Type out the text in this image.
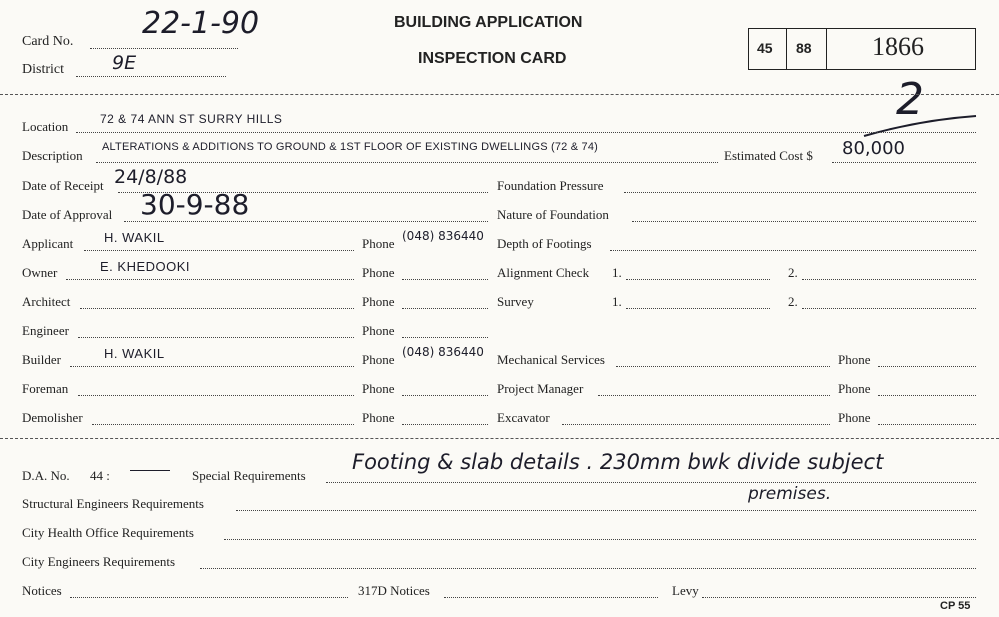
Card No.
22-1-90
District	9E
BUILDING APPLICATION
INSPECTION CARD
45 88 1866
2
Location	72 & 74 ANN ST SURRY HILLS
Description
ALTERATIONS & ADDITIONS TO GROUND & 1ST FLOOR OF EXISTING DWELLINGS (72 & 74)
Estimated Cost $ 80,000
Date of Receipt 24/8/88
Date of Approval 30-9-88
Applicant H. WAKIL	Phone (048) 836440
Owner	E. KHEDOOKI	Phone
Architect	Phone
Engineer	Phone
Builder	H. WAKIL	Phone (048) 836440
Foreman	Phone
Demolisher	Phone
Foundation Pressure
Nature of Foundation
Depth of Footings
Alignment Check 1.	2.
Survey	1.	2.
Mechanical Services	Phone
Project Manager	Phone
Excavator	Phone
D.A. No. 44 :	Special Requirements
Footing & slab details . 230mm bwk divide subject
premises.
Structural Engineers Requirements
City Health Office Requirements
City Engineers Requirements
Notices	317D Notices	Levy
CP 55
